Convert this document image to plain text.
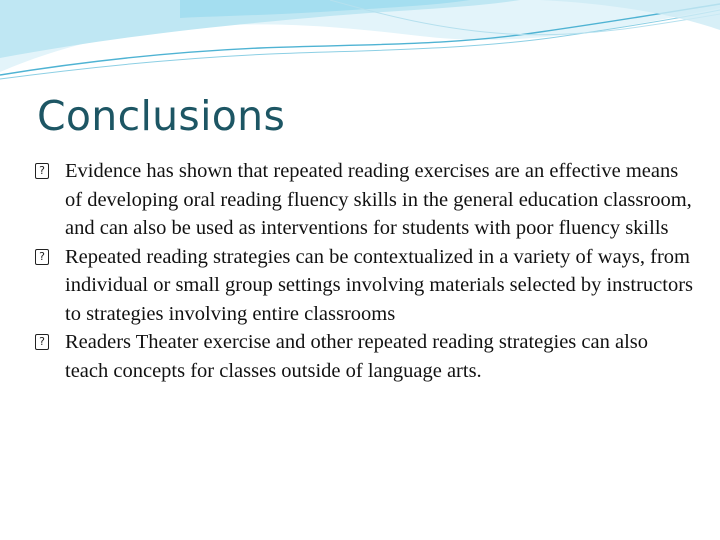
Conclusions
? Evidence has shown that repeated reading exercises are an effective means of developing oral reading fluency skills in the general education classroom, and can also be used as interventions for students with poor fluency skills
? Repeated reading strategies can be contextualized in a variety of ways, from individual or small group settings involving materials selected by instructors to strategies involving entire classrooms
? Readers Theater exercise and other repeated reading strategies can also teach concepts for classes outside of language arts.
